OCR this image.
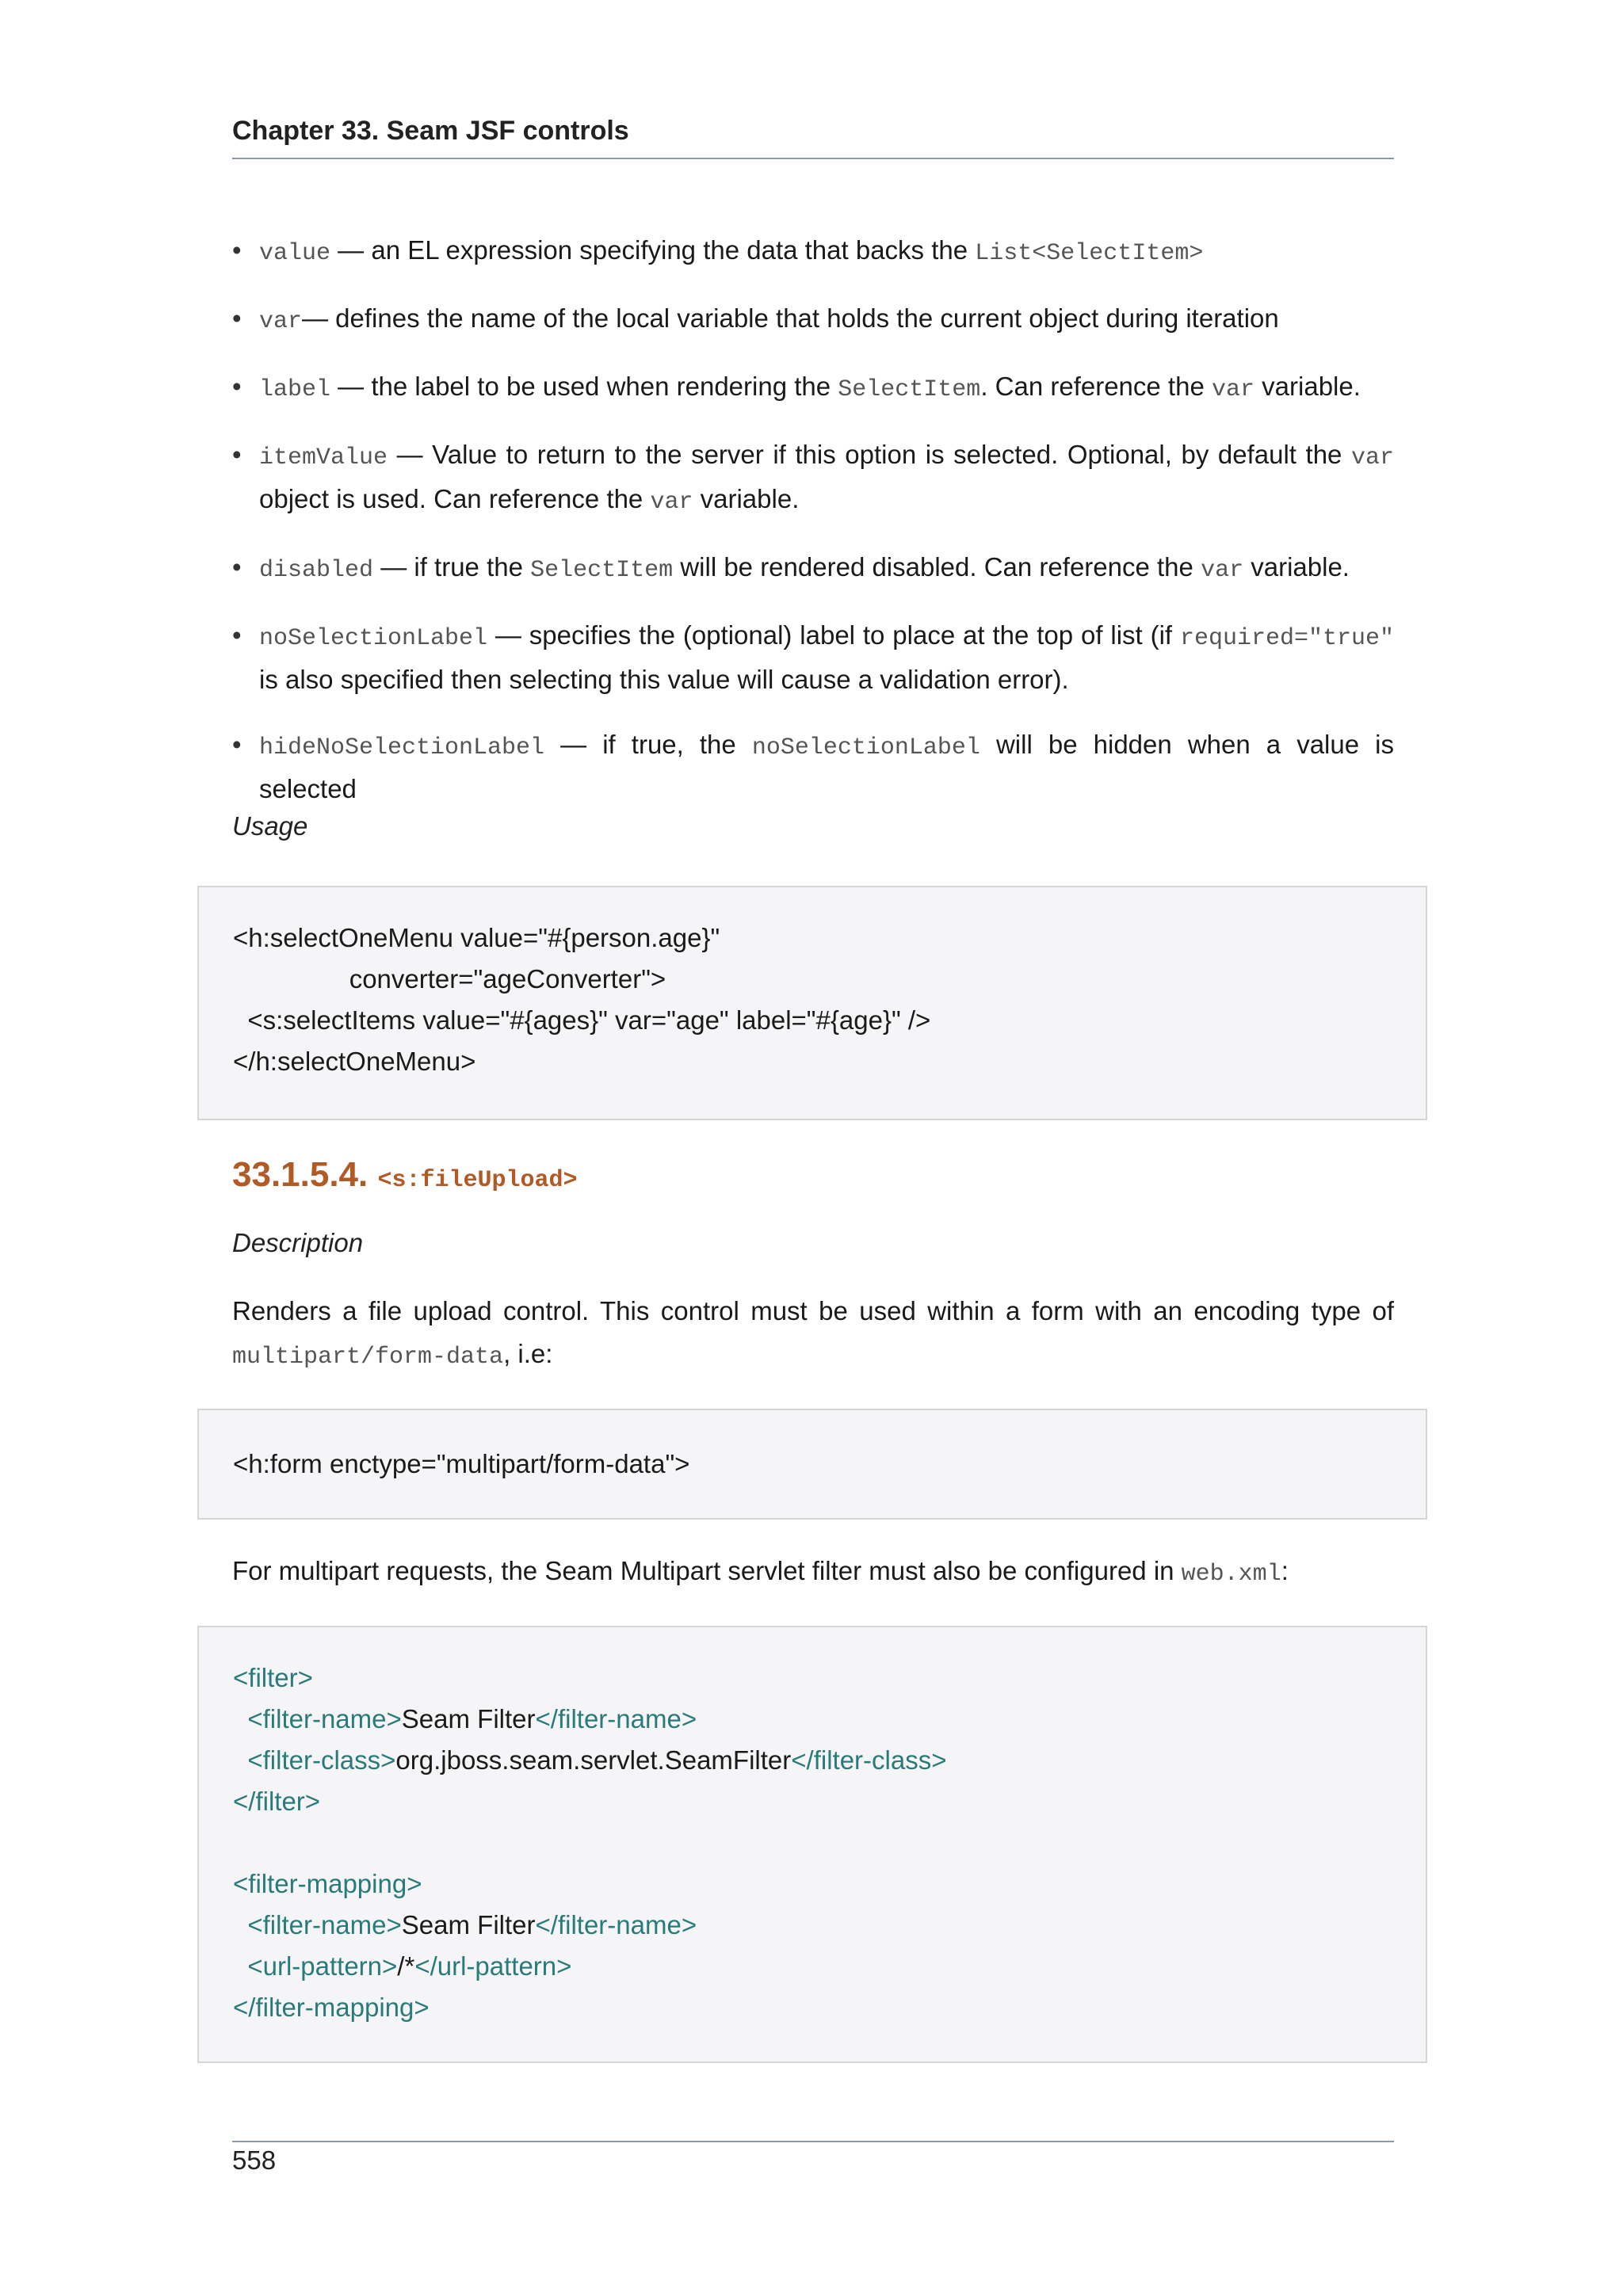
Chapter 33. Seam JSF controls
• value — an EL expression specifying the data that backs the List<SelectItem>
• var— defines the name of the local variable that holds the current object during iteration
• label — the label to be used when rendering the SelectItem. Can reference the var variable.
• itemValue — Value to return to the server if this option is selected. Optional, by default the var object is used. Can reference the var variable.
• disabled — if true the SelectItem will be rendered disabled. Can reference the var variable.
• noSelectionLabel — specifies the (optional) label to place at the top of list (if required="true" is also specified then selecting this value will cause a validation error).
• hideNoSelectionLabel — if true, the noSelectionLabel will be hidden when a value is selected
Usage
<h:selectOneMenu value="#{person.age}"
converter="ageConverter">
<s:selectItems value="#{ages}" var="age" label="#{age}" />
</h:selectOneMenu>
33.1.5.4. <s:fileUpload>
Description
Renders a file upload control. This control must be used within a form with an encoding type of multipart/form-data, i.e:
<h:form enctype="multipart/form-data">
For multipart requests, the Seam Multipart servlet filter must also be configured in web.xml:
<filter>
<filter-name>Seam Filter</filter-name>
<filter-class>org.jboss.seam.servlet.SeamFilter</filter-class>
</filter>

<filter-mapping>
<filter-name>Seam Filter</filter-name>
<url-pattern>/*</url-pattern>
</filter-mapping>
558
